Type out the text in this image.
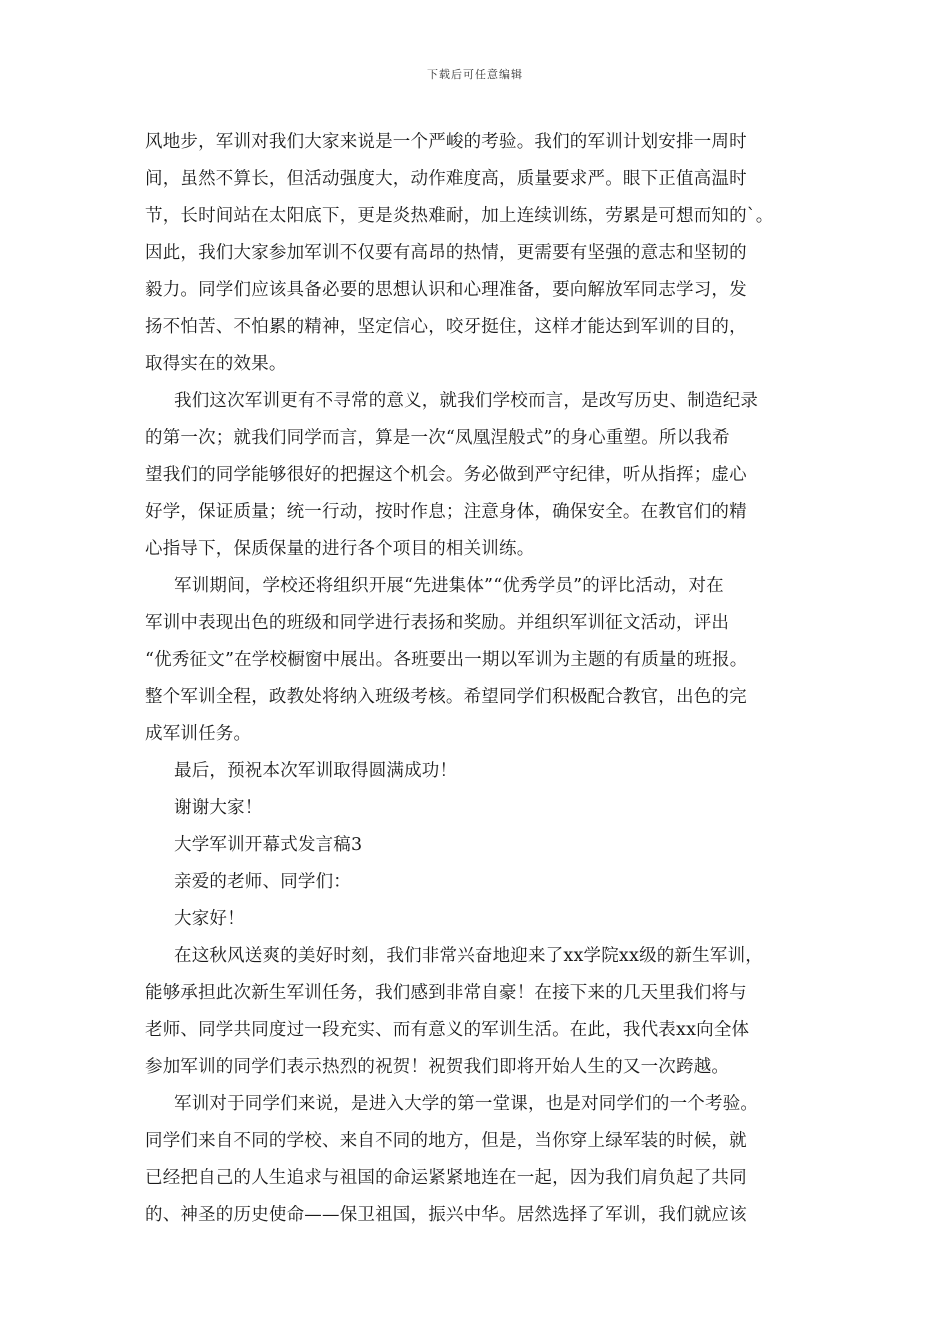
下载后可任意编辑
风地步，军训对我们大家来说是一个严峻的考验。我们的军训计划安排一周时
间，虽然不算长，但活动强度大，动作难度高，质量要求严。眼下正值高温时
节，长时间站在太阳底下，更是炎热难耐，加上连续训练，劳累是可想而知的`。
因此，我们大家参加军训不仅要有高昂的热情，更需要有坚强的意志和坚韧的
毅力。同学们应该具备必要的思想认识和心理准备，要向解放军同志学习，发
扬不怕苦、不怕累的精神，坚定信心，咬牙挺住，这样才能达到军训的目的，
取得实在的效果。
我们这次军训更有不寻常的意义，就我们学校而言，是改写历史、制造纪录
的第一次；就我们同学而言，算是一次“凤凰涅般式”的身心重塑。所以我希
望我们的同学能够很好的把握这个机会。务必做到严守纪律，听从指挥；虚心
好学，保证质量；统一行动，按时作息；注意身体，确保安全。在教官们的精
心指导下，保质保量的进行各个项目的相关训练。
军训期间，学校还将组织开展“先进集体”“优秀学员”的评比活动，对在
军训中表现出色的班级和同学进行表扬和奖励。并组织军训征文活动，评出
“优秀征文”在学校橱窗中展出。各班要出一期以军训为主题的有质量的班报。
整个军训全程，政教处将纳入班级考核。希望同学们积极配合教官，出色的完
成军训任务。
最后，预祝本次军训取得圆满成功！
谢谢大家！
大学军训开幕式发言稿3
亲爱的老师、同学们：
大家好！
在这秋风送爽的美好时刻，我们非常兴奋地迎来了xx学院xx级的新生军训，
能够承担此次新生军训任务，我们感到非常自豪！在接下来的几天里我们将与
老师、同学共同度过一段充实、而有意义的军训生活。在此，我代表xx向全体
参加军训的同学们表示热烈的祝贺！祝贺我们即将开始人生的又一次跨越。
军训对于同学们来说，是进入大学的第一堂课，也是对同学们的一个考验。
同学们来自不同的学校、来自不同的地方，但是，当你穿上绿军装的时候，就
已经把自己的人生追求与祖国的命运紧紧地连在一起，因为我们肩负起了共同
的、神圣的历史使命——保卫祖国，振兴中华。居然选择了军训，我们就应该
